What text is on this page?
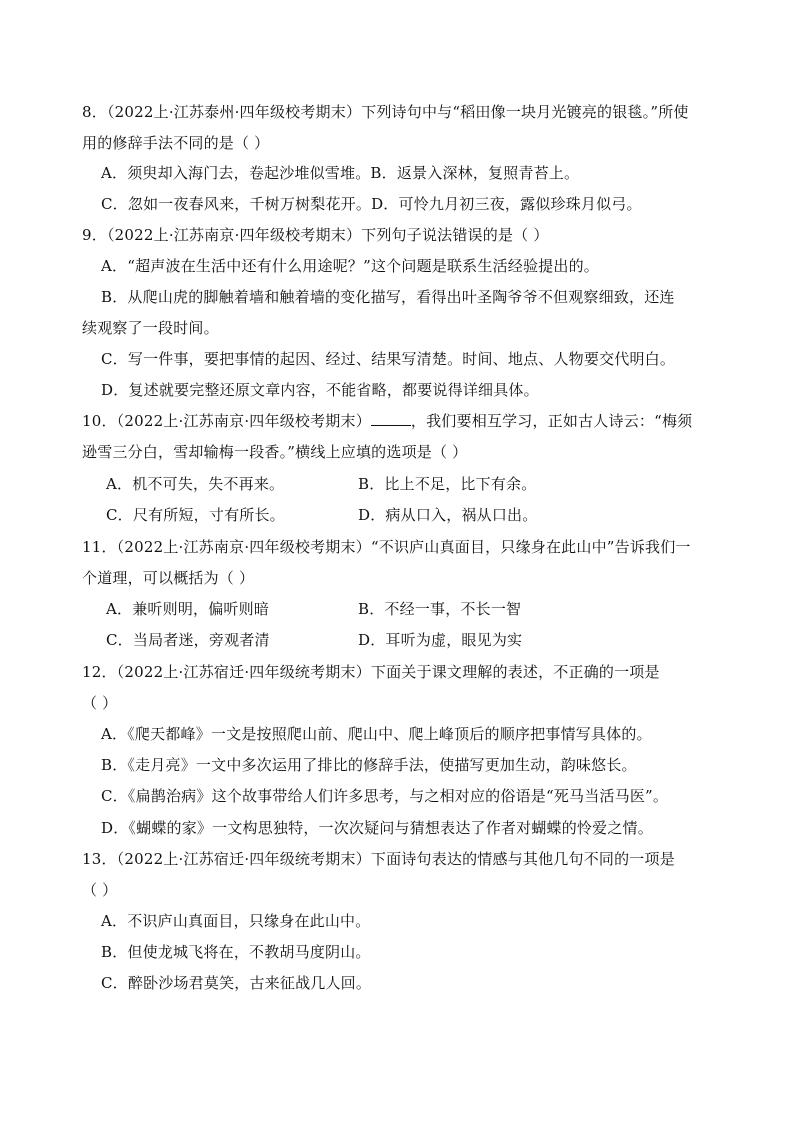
8．（2022上·江苏泰州·四年级校考期末）下列诗句中与“稻田像一块月光镀亮的银毯。”所使
用的修辞手法不同的是（ ）
A．须臾却入海门去，卷起沙堆似雪堆。B．返景入深林，复照青苔上。
C．忽如一夜春风来，千树万树梨花开。D．可怜九月初三夜，露似珍珠月似弓。
9．（2022上·江苏南京·四年级校考期末）下列句子说法错误的是（ ）
A．“超声波在生活中还有什么用途呢？”这个问题是联系生活经验提出的。
B．从爬山虎的脚触着墙和触着墙的变化描写，看得出叶圣陶爷爷不但观察细致，还连
续观察了一段时间。
C．写一件事，要把事情的起因、经过、结果写清楚。时间、地点、人物要交代明白。
D．复述就要完整还原文章内容，不能省略，都要说得详细具体。
10．（2022上·江苏南京·四年级校考期末）	，我们要相互学习，正如古人诗云：“梅须
逊雪三分白，雪却输梅一段香。”横线上应填的选项是（ ）
A．机不可失，失不再来。	B．比上不足，比下有余。
C．尺有所短，寸有所长。	D．病从口入，祸从口出。
11．（2022上·江苏南京·四年级校考期末）“不识庐山真面目，只缘身在此山中”告诉我们一
个道理，可以概括为（ ）
A．兼听则明，偏听则暗	B．不经一事，不长一智
C．当局者迷，旁观者清	D．耳听为虚，眼见为实
12．（2022上·江苏宿迁·四年级统考期末）下面关于课文理解的表述，不正确的一项是
（ ）
A．《爬天都峰》一文是按照爬山前、爬山中、爬上峰顶后的顺序把事情写具体的。
B．《走月亮》一文中多次运用了排比的修辞手法，使描写更加生动，韵味悠长。
C．《扁鹊治病》这个故事带给人们许多思考，与之相对应的俗语是“死马当活马医”。
D．《蝴蝶的家》一文构思独特，一次次疑问与猜想表达了作者对蝴蝶的怜爱之情。
13．（2022上·江苏宿迁·四年级统考期末）下面诗句表达的情感与其他几句不同的一项是
（ ）
A．不识庐山真面目，只缘身在此山中。
B．但使龙城飞将在，不教胡马度阴山。
C．醉卧沙场君莫笑，古来征战几人回。
